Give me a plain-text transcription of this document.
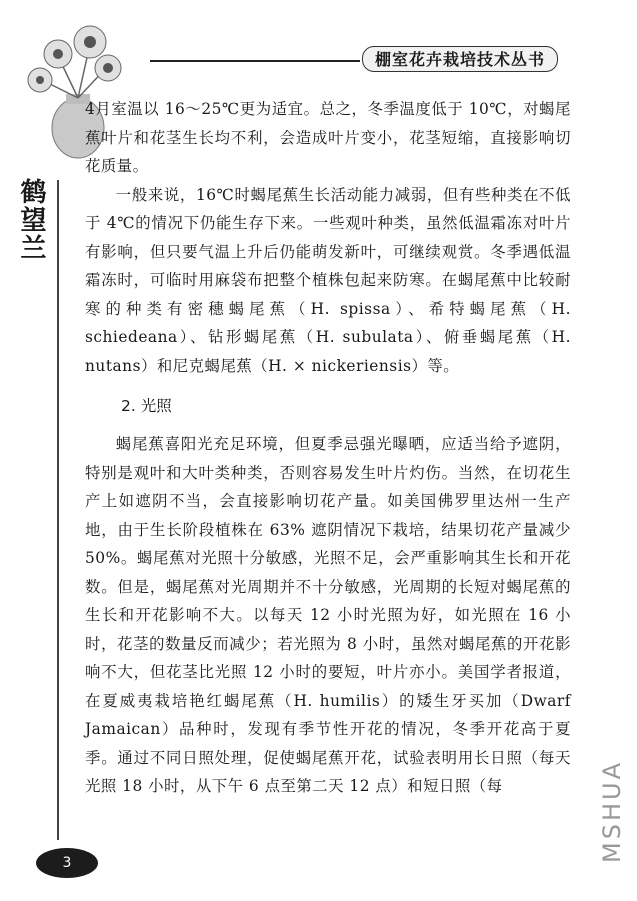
棚室花卉栽培技术丛书
鹤望兰

4月室温以 16～25℃更为适宜。总之，冬季温度低于 10℃，对蝎尾蕉叶片和花茎生长均不利，会造成叶片变小，花茎短缩，直接影响切花质量。

一般来说，16℃时蝎尾蕉生长活动能力减弱，但有些种类在不低于 4℃的情况下仍能生存下来。一些观叶种类，虽然低温霜冻对叶片有影响，但只要气温上升后仍能萌发新叶，可继续观赏。冬季遇低温霜冻时，可临时用麻袋布把整个植株包起来防寒。在蝎尾蕉中比较耐寒的种类有密穗蝎尾蕉（H. spissa）、希特蝎尾蕉（H. schiedeana）、钻形蝎尾蕉（H. subulata）、俯垂蝎尾蕉（H. nutans）和尼克蝎尾蕉（H. × nickeriensis）等。

2. 光照

蝎尾蕉喜阳光充足环境，但夏季忌强光曝晒，应适当给予遮阴，特别是观叶和大叶类种类，否则容易发生叶片灼伤。当然，在切花生产上如遮阴不当，会直接影响切花产量。如美国佛罗里达州一生产地，由于生长阶段植株在 63% 遮阴情况下栽培，结果切花产量减少 50%。蝎尾蕉对光照十分敏感，光照不足，会严重影响其生长和开花数。但是，蝎尾蕉对光周期并不十分敏感，光周期的长短对蝎尾蕉的生长和开花影响不大。以每天 12 小时光照为好，如光照在 16 小时，花茎的数量反而减少；若光照为 8 小时，虽然对蝎尾蕉的开花影响不大，但花茎比光照 12 小时的要短，叶片亦小。美国学者报道，在夏威夷栽培艳红蝎尾蕉（H. humilis）的矮生牙买加（Dwarf Jamaican）品种时，发现有季节性开花的情况，冬季开花高于夏季。通过不同日照处理，促使蝎尾蕉开花，试验表明用长日照（每天光照 18 小时，从下午 6 点至第二天 12 点）和短日照（每

3
MSHUA
